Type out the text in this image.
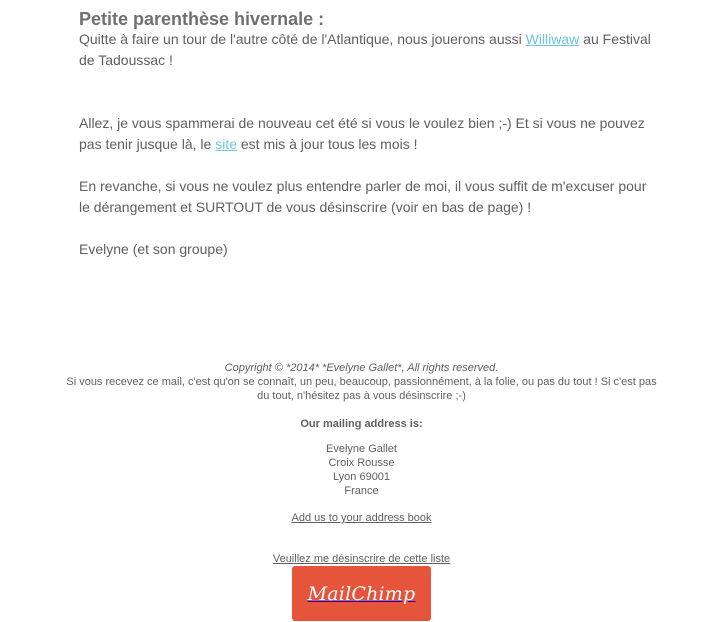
Petite parenthèse hivernale :

Quitte à faire un tour de l'autre côté de l'Atlantique, nous jouerons aussi Williwaw au Festival de Tadoussac !

Allez, je vous spammerai de nouveau cet été si vous le voulez bien ;-) Et si vous ne pouvez pas tenir jusque là, le site est mis à jour tous les mois !

En revanche, si vous ne voulez plus entendre parler de moi, il vous suffit de m'excuser pour le dérangement et SURTOUT de vous désinscrire (voir en bas de page) !

Evelyne (et son groupe)

Copyright © *2014* *Evelyne Gallet*, All rights reserved.

Si vous recevez ce mail, c'est qu'on se connaît, un peu, beaucoup, passionnément, à la folie, ou pas du tout ! Si c'est pas du tout, n'hésitez pas à vous désinscrire ;-)

Our mailing address is:

Evelyne Gallet

Croix Rousse

Lyon 69001

France

Add us to your address book
Veuillez me désinscrire de cette liste
MailChimp
